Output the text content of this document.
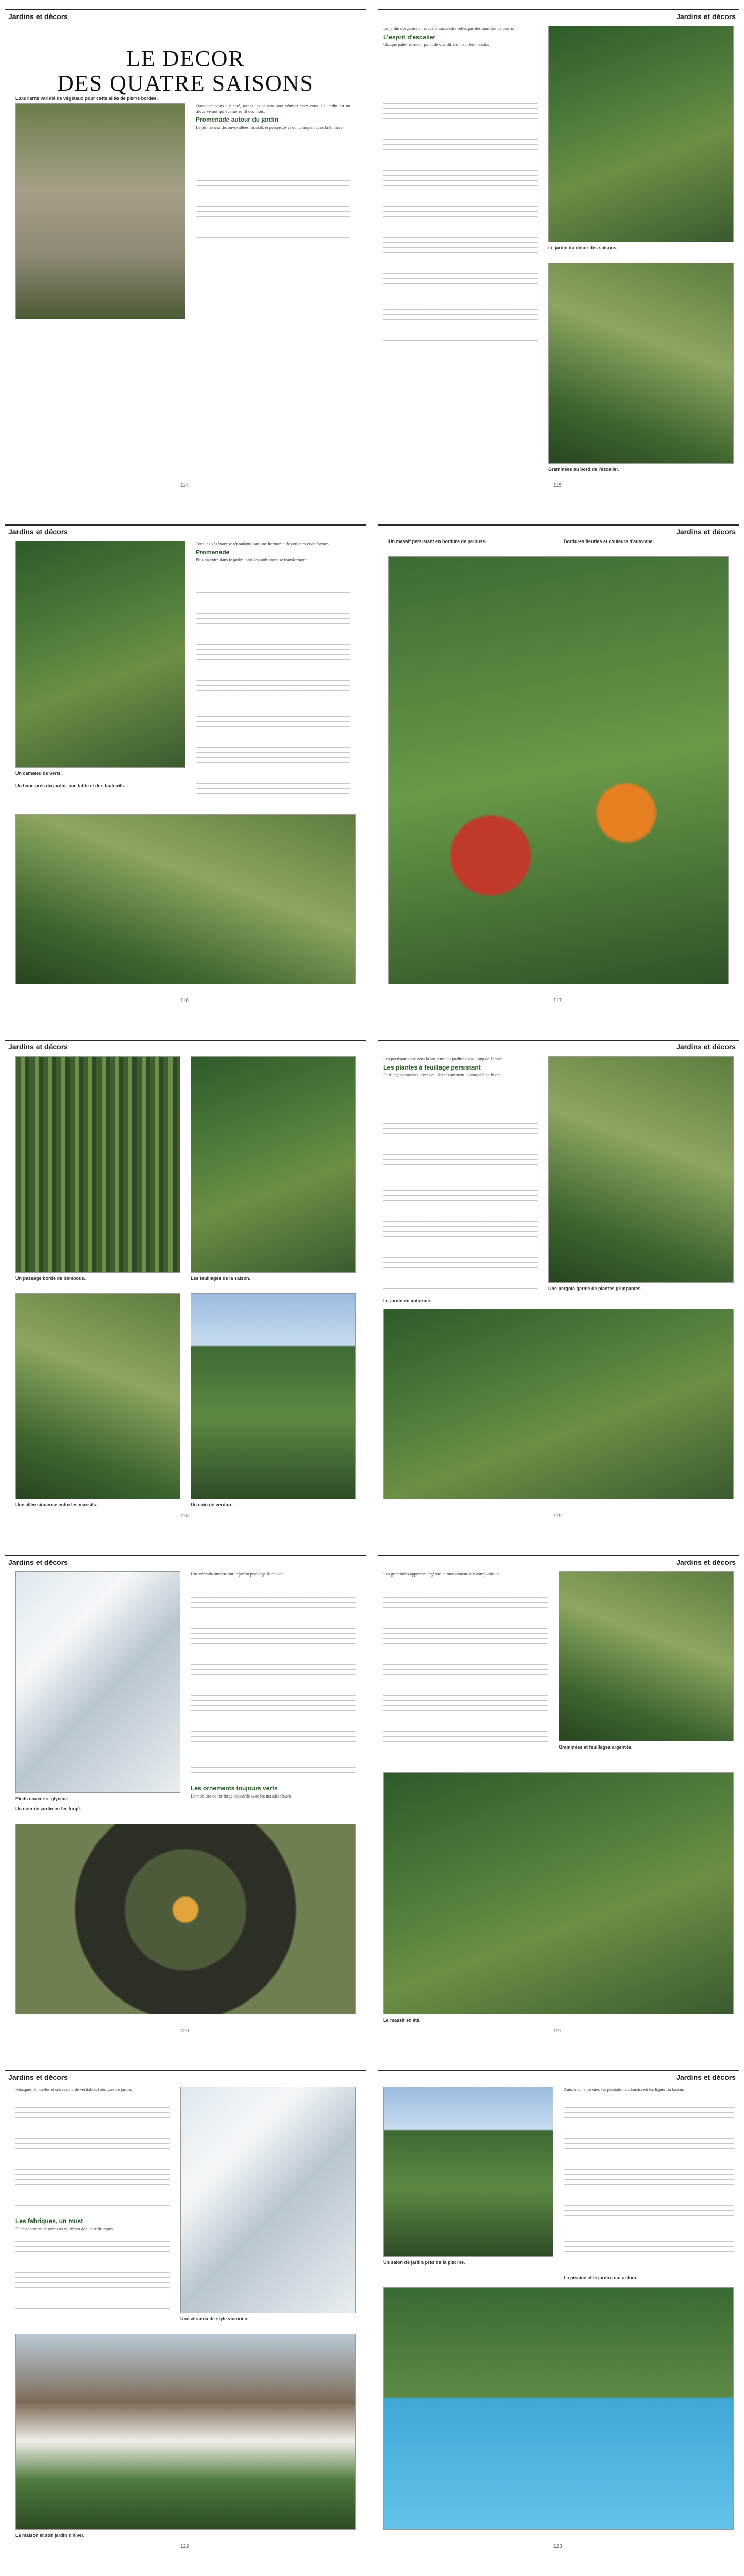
Jardins et décors
LE DECOR
DES QUATRE SAISONS
Luxuriante variété de végétaux pour cette allée de pierre bordée.
Quand on vous a planté, toutes les saisons sont réunies chez vous. Le jardin est un décor vivant qui évolue au fil des mois.
Promenade autour du jardin
Le promeneur découvre allées, massifs et perspectives qui changent avec la lumière.
114
Jardins et décors
Le jardin s'organise en niveaux successifs reliés par des marches de pierre.
L'esprit d'escalier
Chaque palier offre un point de vue différent sur les massifs.
Le jardin du décor des saisons.
Graminées au bord de l'escalier.
115
Jardins et décors
Un camaïeu de verts.
Tous les végétaux se répondent dans une harmonie de couleurs et de formes.
Promenade
Plus on entre dans le jardin, plus les ambiances se transforment.
Un banc près du jardin, une table et des fauteuils.
116
Jardins et décors
Un massif persistant en bordure de pelouse.	Bordures fleuries et couleurs d'automne.
117
Jardins et décors
Un passage bordé de bambous.	Les feuillages de la saison.
Une allée sinueuse entre les massifs.	Un coin de verdure.
118
Jardins et décors
Les persistants assurent la structure du jardin tout au long de l'année.
Les plantes à feuillage persistant
Feuillages panachés, dorés ou bleutés animent les massifs en hiver.
Une pergola garnie de plantes grimpantes.
Le jardin en automne.
119
Jardins et décors
Pieds couverts, glycine.
Une véranda ouverte sur le jardin prolonge la maison.
Les ornements toujours verts
Le mobilier de fer forgé s'accorde avec les massifs fleuris.
Un coin de jardin en fer forgé.
120
Jardins et décors
Les graminées apportent légèreté et mouvement aux compositions.
Graminées et feuillages argentés.
Le massif en été.
121
Jardins et décors
Kiosques, tonnelles et serres sont de véritables fabriques de jardin.
Les fabriques, un must
Elles ponctuent le parcours et offrent des lieux de repos.
Une véranda de style victorien.
La maison et son jardin d'hiver.
122
Jardins et décors
Un salon de jardin près de la piscine.
Autour de la piscine, les plantations adoucissent les lignes du bassin.
La piscine et le jardin tout autour.
123
